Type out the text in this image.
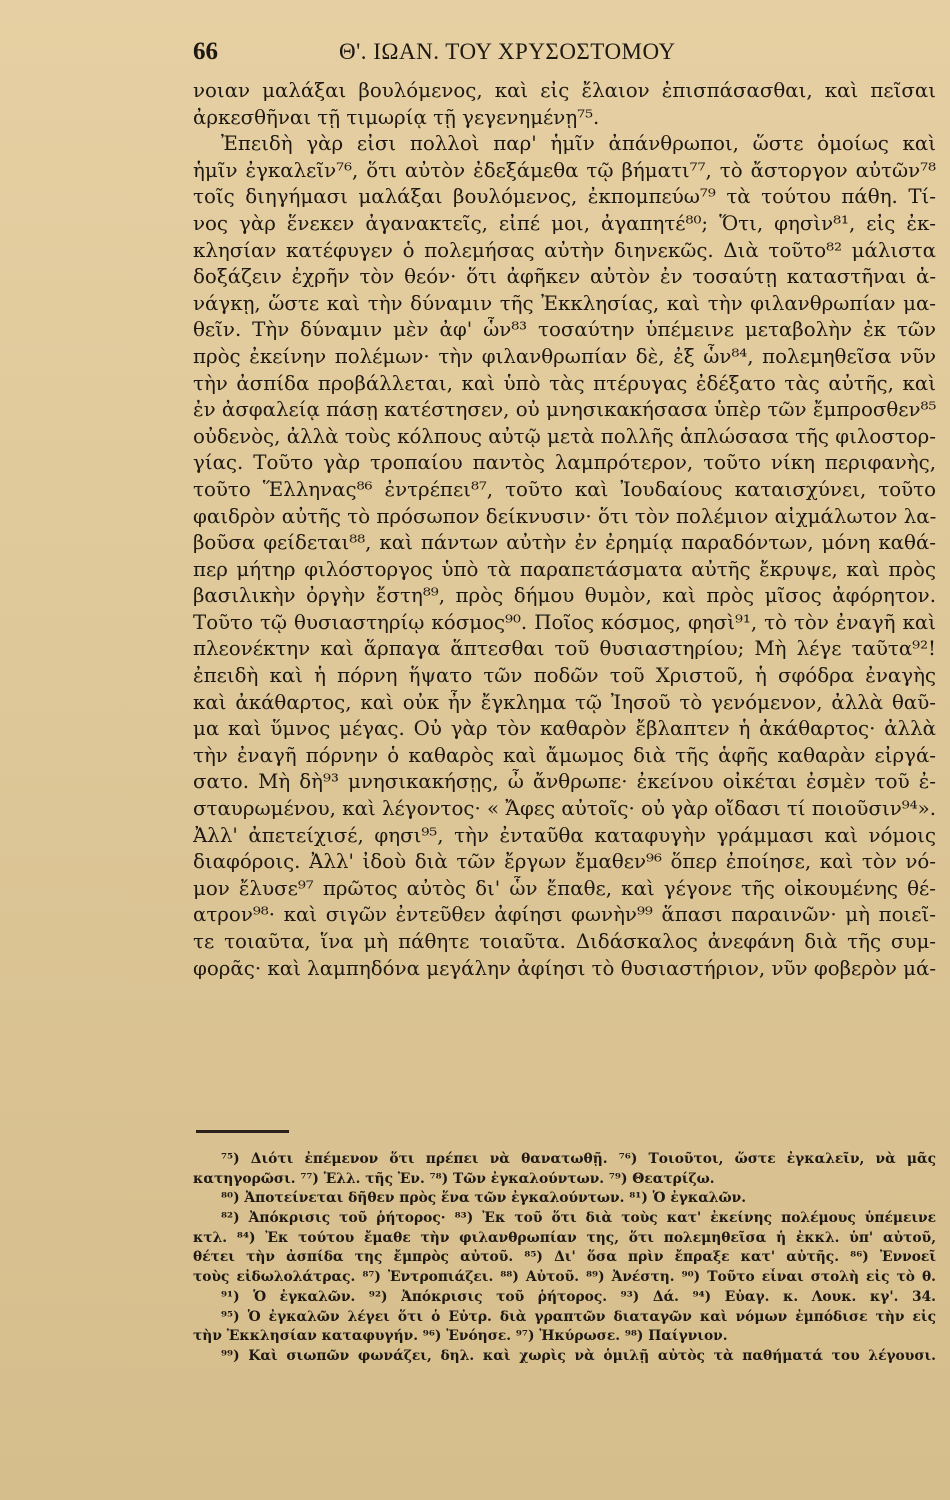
66	Θ'. ΙΩΑΝ. ΤΟΥ ΧΡΥΣΟΣΤΟΜΟΥ
νοιαν μαλάξαι βουλόμενος, καὶ εἰς ἔλαιον ἐπισπάσασθαι, καὶ πεῖσαι
ἀρκεσθῆναι τῇ τιμωρίᾳ τῇ γεγενημένῃ⁷⁵.
Ἐπειδὴ γὰρ εἰσι πολλοὶ παρ' ἡμῖν ἀπάνθρωποι, ὥστε ὁμοίως καὶ
ἡμῖν ἐγκαλεῖν⁷⁶, ὅτι αὐτὸν ἐδεξάμεθα τῷ βήματι⁷⁷, τὸ ἄστοργον αὐτῶν⁷⁸
τοῖς διηγήμασι μαλάξαι βουλόμενος, ἐκπομπεύω⁷⁹ τὰ τούτου πάθη. Τί-
νος γὰρ ἕνεκεν ἀγανακτεῖς, εἰπέ μοι, ἀγαπητέ⁸⁰; Ὅτι, φησὶν⁸¹, εἰς ἐκ-
κλησίαν κατέφυγεν ὁ πολεμήσας αὐτὴν διηνεκῶς. Διὰ τοῦτο⁸² μάλιστα
δοξάζειν ἐχρῆν τὸν θεόν· ὅτι ἀφῆκεν αὐτὸν ἐν τοσαύτῃ καταστῆναι ἀ-
νάγκῃ, ὥστε καὶ τὴν δύναμιν τῆς Ἐκκλησίας, καὶ τὴν φιλανθρωπίαν μα-
θεῖν. Τὴν δύναμιν μὲν ἀφ' ὧν⁸³ τοσαύτην ὑπέμεινε μεταβολὴν ἐκ τῶν
πρὸς ἐκείνην πολέμων· τὴν φιλανθρωπίαν δὲ, ἐξ ὧν⁸⁴, πολεμηθεῖσα νῦν
τὴν ἀσπίδα προβάλλεται, καὶ ὑπὸ τὰς πτέρυγας ἐδέξατο τὰς αὐτῆς, καὶ
ἐν ἀσφαλείᾳ πάσῃ κατέστησεν, οὐ μνησικακήσασα ὑπὲρ τῶν ἔμπροσθεν⁸⁵
οὐδενὸς, ἀλλὰ τοὺς κόλπους αὐτῷ μετὰ πολλῆς ἁπλώσασα τῆς φιλοστορ-
γίας. Τοῦτο γὰρ τροπαίου παντὸς λαμπρότερον, τοῦτο νίκη περιφανὴς,
τοῦτο Ἕλληνας⁸⁶ ἐντρέπει⁸⁷, τοῦτο καὶ Ἰουδαίους καταισχύνει, τοῦτο
φαιδρὸν αὐτῆς τὸ πρόσωπον δείκνυσιν· ὅτι τὸν πολέμιον αἰχμάλωτον λα-
βοῦσα φείδεται⁸⁸, καὶ πάντων αὐτὴν ἐν ἐρημίᾳ παραδόντων, μόνη καθά-
περ μήτηρ φιλόστοργος ὑπὸ τὰ παραπετάσματα αὐτῆς ἔκρυψε, καὶ πρὸς
βασιλικὴν ὀργὴν ἔστη⁸⁹, πρὸς δήμου θυμὸν, καὶ πρὸς μῖσος ἀφόρητον.
Τοῦτο τῷ θυσιαστηρίῳ κόσμος⁹⁰. Ποῖος κόσμος, φησὶ⁹¹, τὸ τὸν ἐναγῆ καὶ
πλεονέκτην καὶ ἅρπαγα ἅπτεσθαι τοῦ θυσιαστηρίου; Μὴ λέγε ταῦτα⁹²!
ἐπειδὴ καὶ ἡ πόρνη ἥψατο τῶν ποδῶν τοῦ Χριστοῦ, ἡ σφόδρα ἐναγὴς
καὶ ἀκάθαρτος, καὶ οὐκ ἦν ἔγκλημα τῷ Ἰησοῦ τὸ γενόμενον, ἀλλὰ θαῦ-
μα καὶ ὕμνος μέγας. Οὐ γὰρ τὸν καθαρὸν ἔβλαπτεν ἡ ἀκάθαρτος· ἀλλὰ
τὴν ἐναγῆ πόρνην ὁ καθαρὸς καὶ ἄμωμος διὰ τῆς ἁφῆς καθαρὰν εἰργά-
σατο. Μὴ δὴ⁹³ μνησικακήσῃς, ὦ ἄνθρωπε· ἐκείνου οἰκέται ἐσμὲν τοῦ ἐ-
σταυρωμένου, καὶ λέγοντος· « Ἄφες αὐτοῖς· οὐ γὰρ οἴδασι τί ποιοῦσιν⁹⁴».
Ἀλλ' ἀπετείχισέ, φησι⁹⁵, τὴν ἐνταῦθα καταφυγὴν γράμμασι καὶ νόμοις
διαφόροις. Ἀλλ' ἰδοὺ διὰ τῶν ἔργων ἔμαθεν⁹⁶ ὅπερ ἐποίησε, καὶ τὸν νό-
μον ἔλυσε⁹⁷ πρῶτος αὐτὸς δι' ὧν ἔπαθε, καὶ γέγονε τῆς οἰκουμένης θέ-
ατρον⁹⁸· καὶ σιγῶν ἐντεῦθεν ἀφίησι φωνὴν⁹⁹ ἅπασι παραινῶν· μὴ ποιεῖ-
τε τοιαῦτα, ἵνα μὴ πάθητε τοιαῦτα. Διδάσκαλος ἀνεφάνη διὰ τῆς συμ-
φορᾶς· καὶ λαμπηδόνα μεγάλην ἀφίησι τὸ θυσιαστήριον, νῦν φοβερὸν μά-
⁷⁵) Διότι ἐπέμενον ὅτι πρέπει νὰ θανατωθῇ. ⁷⁶) Τοιοῦτοι, ὥστε ἐγκαλεῖν, νὰ μᾶς
κατηγορῶσι. ⁷⁷) Ἑλλ. τῆς Ἐν. ⁷⁸) Τῶν ἐγκαλούντων. ⁷⁹) Θεατρίζω.
⁸⁰) Ἀποτείνεται δῆθεν πρὸς ἕνα τῶν ἐγκαλούντων. ⁸¹) Ὁ ἐγκαλῶν.
⁸²) Ἀπόκρισις τοῦ ῥήτορος· ⁸³) Ἐκ τοῦ ὅτι διὰ τοὺς κατ' ἐκείνης πολέμους ὑπέμεινε
κτλ. ⁸⁴) Ἐκ τούτου ἔμαθε τὴν φιλανθρωπίαν της, ὅτι πολεμηθεῖσα ἡ ἐκκλ. ὑπ' αὐτοῦ,
θέτει τὴν ἀσπίδα της ἔμπρὸς αὐτοῦ. ⁸⁵) Δι' ὅσα πρὶν ἔπραξε κατ' αὐτῆς. ⁸⁶) Ἐννοεῖ
τοὺς εἰδωλολάτρας. ⁸⁷) Ἐντροπιάζει. ⁸⁸) Αὐτοῦ. ⁸⁹) Ἀνέστη. ⁹⁰) Τοῦτο εἶναι στολὴ εἰς τὸ θ.
⁹¹) Ὁ ἐγκαλῶν. ⁹²) Ἀπόκρισις τοῦ ῥήτορος. ⁹³) Δά. ⁹⁴) Εὐαγ. κ. Λουκ. κγ'. 34.
⁹⁵) Ὁ ἐγκαλῶν λέγει ὅτι ὁ Εὐτρ. διὰ γραπτῶν διαταγῶν καὶ νόμων ἐμπόδισε τὴν εἰς
τὴν Ἐκκλησίαν καταφυγήν. ⁹⁶) Ἐνόησε. ⁹⁷) Ἠκύρωσε. ⁹⁸) Παίγνιον.
⁹⁹) Καὶ σιωπῶν φωνάζει, δηλ. καὶ χωρὶς νὰ ὁμιλῇ αὐτὸς τὰ παθήματά του λέγουσι.
